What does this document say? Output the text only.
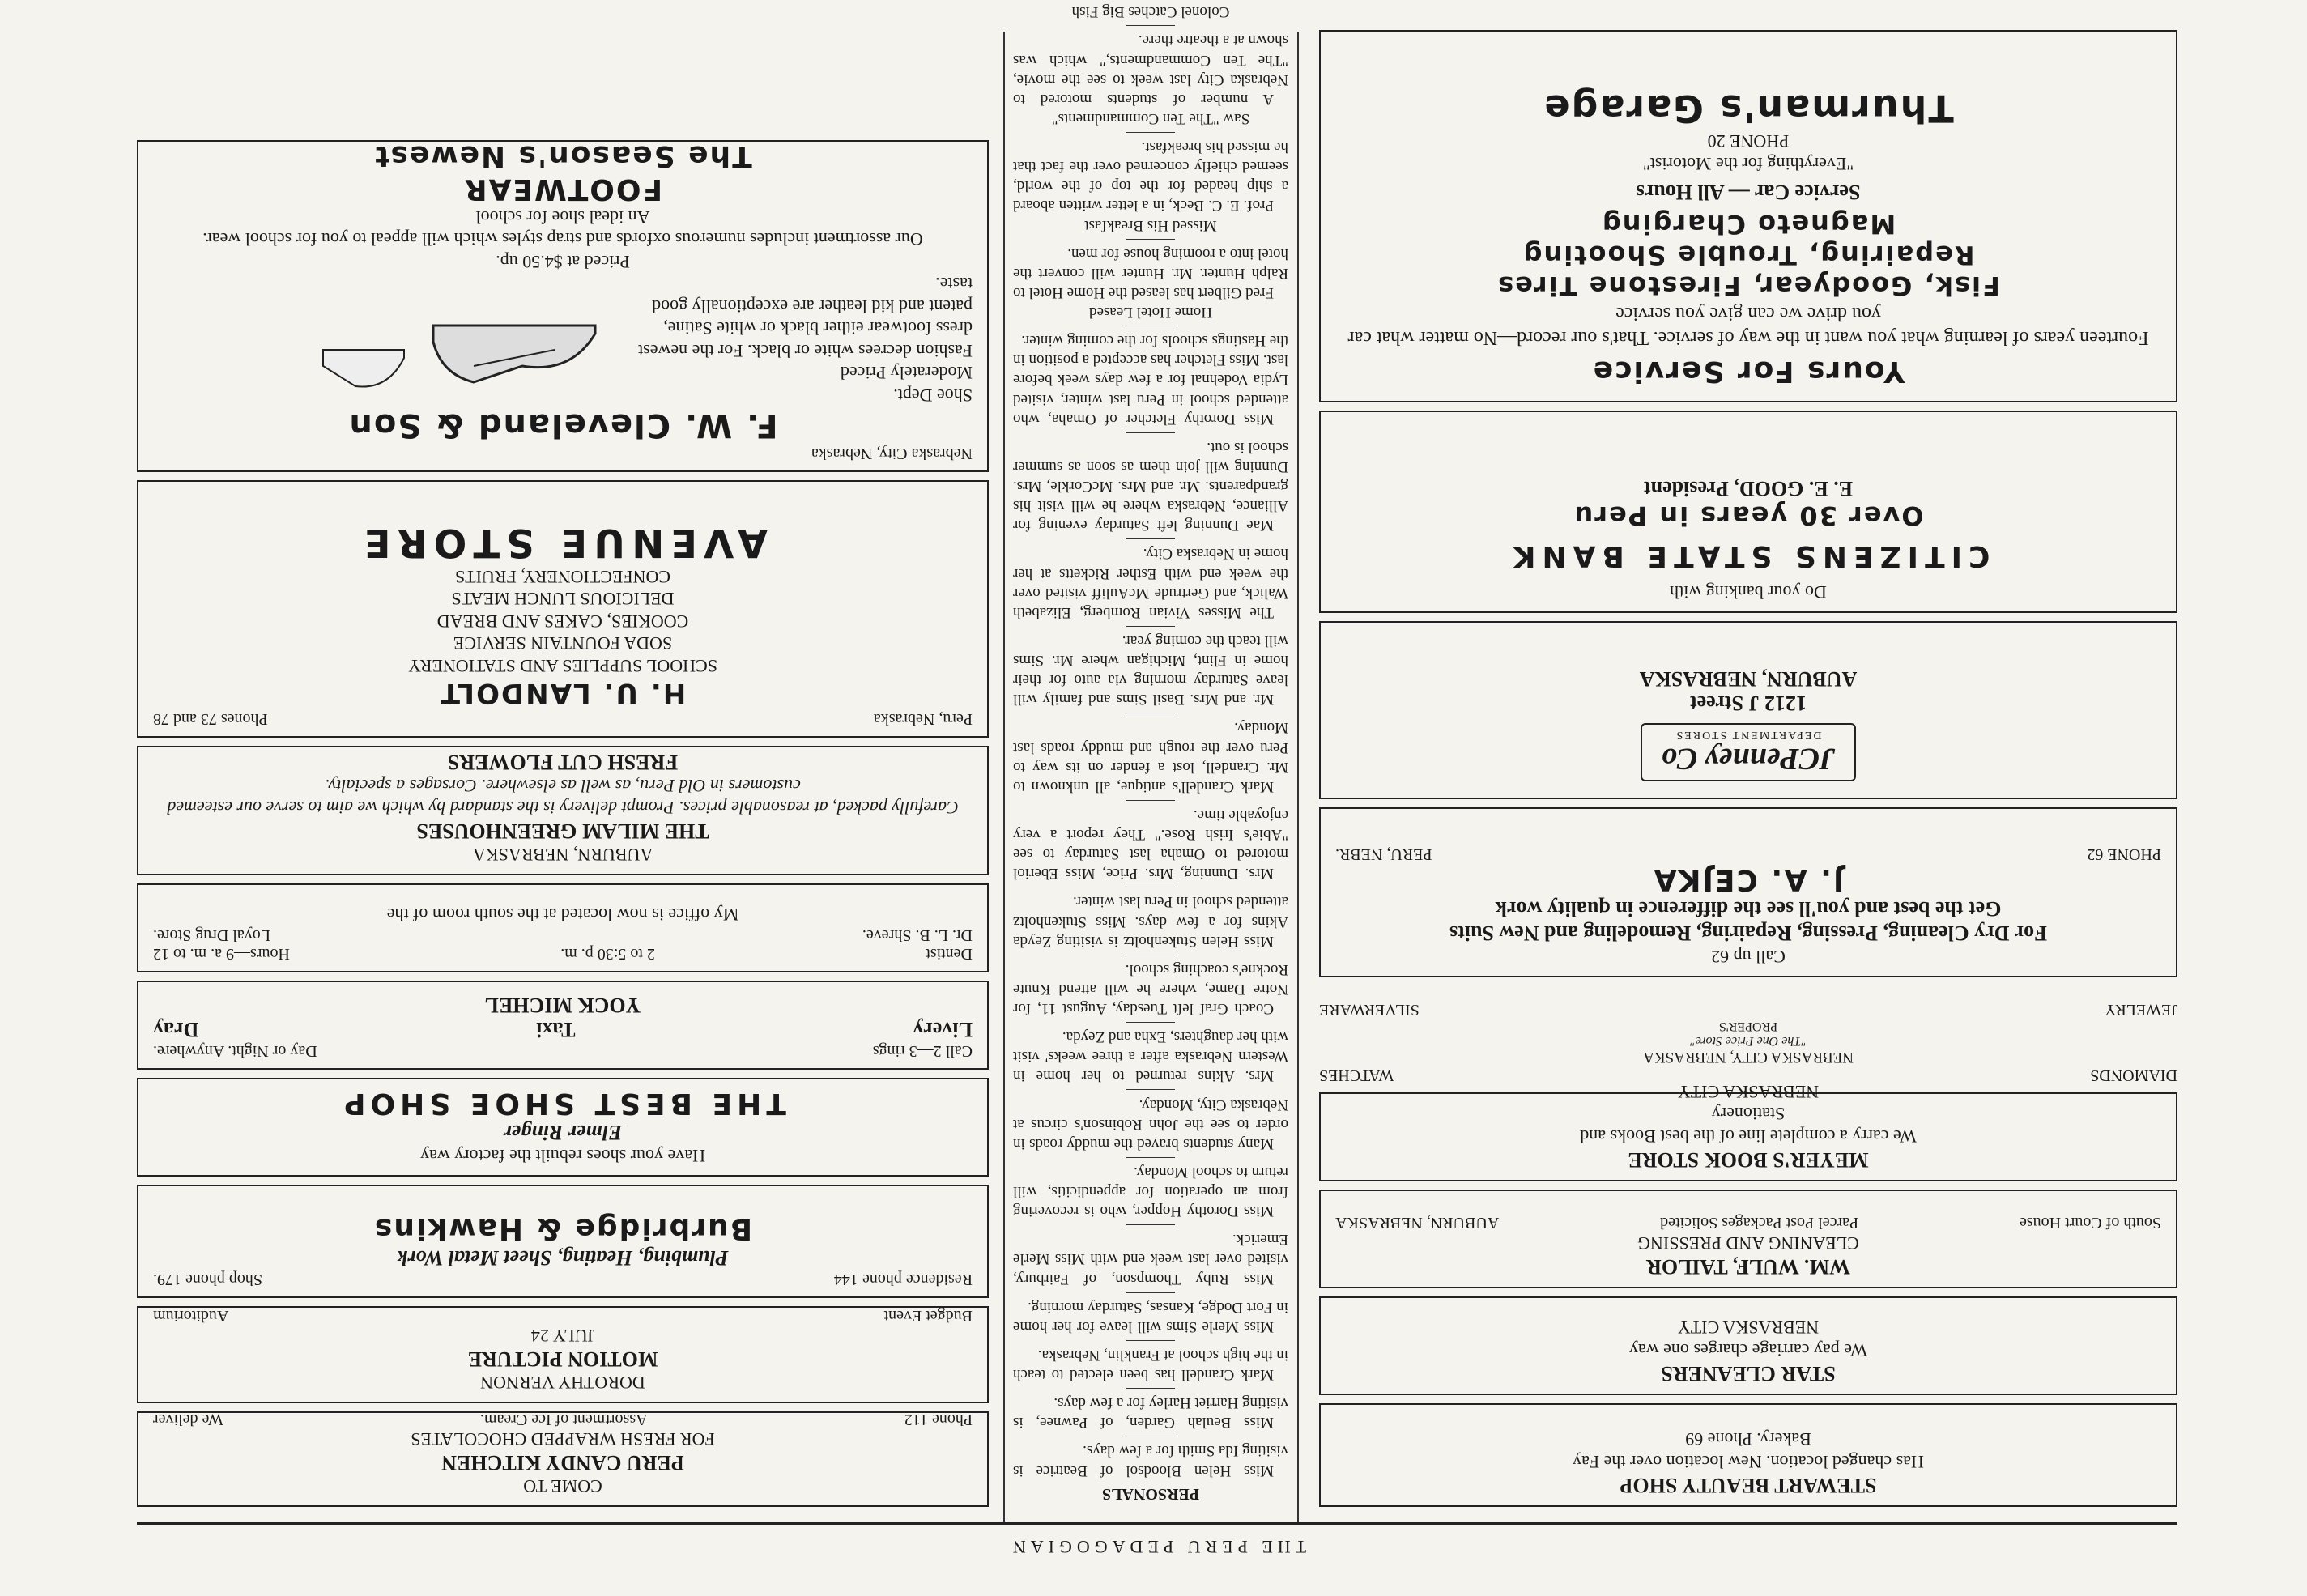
THE PERU PEDAGOGIAN
STEWART BEAUTY SHOP
Has changed location. New location over the Fay
Bakery. Phone 69
STAR CLEANERS
We pay carriage charges one way
NEBRASKA CITY
WM. WULF, TAILOR
CLEANING AND PRESSING
South of Court House
Parcel Post Packages Solicited
AUBURN, NEBRASKA
MEYER'S BOOK STORE
We carry a complete line of the best Books and
Stationery
NEBRASKA CITY
DIAMONDS
WATCHES
NEBRASKA CITY, NEBRASKA
"The One Price Store"
PROPER'S
JEWELRY
SILVERWARE
Call up 62
For Dry Cleaning, Pressing, Repairing, Remodeling and New Suits
Get the best and you'll see the difference in quality work
J. A. CEJKA
PHONE 62
PERU, NEBR.
JCPenney Co
DEPARTMENT STORES
1212 J Street
AUBURN, NEBRASKA
Do your banking with
CITIZENS STATE BANK
Over 30 years in Peru
E. E. GOOD, President
Yours For Service
Fourteen years of learning what you want in the way of service. That's our record—No matter what car you drive we can give you service
Fisk, Goodyear, Firestone Tires
Repairing, Trouble Shooting
Magneto Charging
Service Car — All Hours
"Everything for the Motorist"
PHONE 20
Thurman's Garage
PERSONALS

Miss Helen Bloodsol of Beatrice is visiting Ida Smith for a few days.

Miss Beulah Garden, of Pawnee, is visiting Harriet Harley for a few days.

Mark Crandell has been elected to teach in the high school at Franklin, Nebraska.

Miss Merle Sims will leave for her home in Fort Dodge, Kansas, Saturday morning.

Miss Ruby Thompson, of Fairbury, visited over last week end with Miss Merle Emerick.

Miss Dorothy Hopper, who is recovering from an operation for appendicitis, will return to school Monday.

Many students braved the muddy roads in order to see the John Robinson's circus at Nebraska City, Monday.

Mrs. Akins returned to her home in Western Nebraska after a three weeks' visit with her daughters, Exha and Zeyda.

Coach Graf left Tuesday, August 11, for Notre Dame, where he will attend Knute Rockne's coaching school.

Miss Helen Stukenholtz is visiting Zeyda Akins for a few days. Miss Stukenholtz attended school in Peru last winter.

Mrs. Dunning, Mrs. Price, Miss Eberiol motored to Omaha last Saturday to see "Abie's Irish Rose." They report a very enjoyable time.

Mark Crandell's antique, all unknown to Mr. Crandell, lost a fender on its way to Peru over the rough and muddy roads last Monday.

Mr. and Mrs. Basil Sims and family will leave Saturday morning via auto for their home in Flint, Michigan where Mr. Sims will teach the coming year.

The Misses Vivian Romberg, Elizabeth Walick, and Gertrude McAuliff visited over the week end with Esther Ricketts at her home in Nebraska City.

Mae Dunning left Saturday evening for Alliance, Nebraska where he will visit his grandparents. Mr. and Mrs. McCorkle, Mrs. Dunning will join them as soon as summer school is out.

Miss Dorothy Fletcher of Omaha, who attended school in Peru last winter, visited Lydia Vodehnal for a few days week before last. Miss Fletcher has accepted a position in the Hastings schools for the coming winter.

Home Hotel Leased

Fred Gilbert has leased the Home Hotel to Ralph Hunter. Mr. Hunter will convert the hotel into a rooming house for men.

Missed His Breakfast

Prof. E. C. Beck, in a letter written aboard a ship headed for the top of the world, seemed chiefly concerned over the fact that he missed his breakfast.

Saw "The Ten Commandments"

A number of students motored to Nebraska City last week to see the movie, "The Ten Commandments," which was shown at a theatre there.

Colonel Catches Big Fish

COME TO
PERU CANDY KITCHEN
FOR FRESH WRAPPED CHOCOLATES
Phone 112
Assortment of Ice Cream.
We deliver
DOROTHY VERNON
MOTION PICTURE
JULY 24
Budget Event
Auditorium
Residence phone 144
Shop phone 179.
Plumbing, Heating, Sheet Metal Work
Burbridge & Hawkins
Have your shoes rebuilt the factory way
Elmer Ringer
THE BEST SHOE SHOP
Call 2—3 rings
Day or Night. Anywhere.
Livery
Taxi
Dray
YOCK MICHEL
Dentist
2 to 5:30 p. m.
Hours—9 a. m. to 12
Dr. L. B. Shreve.
Loyal Drug Store.
My office is now located at the south room of the
AUBURN, NEBRASKA
THE MILAM GREENHOUSES
Carefully packed, at reasonable prices. Prompt delivery is the standard by which we aim to serve our esteemed customers in Old Peru, as well as elsewhere. Corsages a specialty.
FRESH CUT FLOWERS
Peru, Nebraska
Phones 73 and 78
H. U. LANDOLT
SCHOOL SUPPLIES AND STATIONERY
SODA FOUNTAIN SERVICE
COOKIES, CAKES AND BREAD
DELICIOUS LUNCH MEATS
CONFECTIONERY, FRUITS
AVENUE STORE
Nebraska City, Nebraska
F. W. Cleveland & Son
Shoe Dept.
Moderately Priced
Fashion decrees white or black. For the newest dress footwear either black or white Satine, patent and kid leather are exceptionally good taste.
Priced at $4.50 up.
Our assortment includes numerous oxfords and strap styles which will appeal to you for school wear.
An ideal shoe for school
FOOTWEAR
The Season's Newest
